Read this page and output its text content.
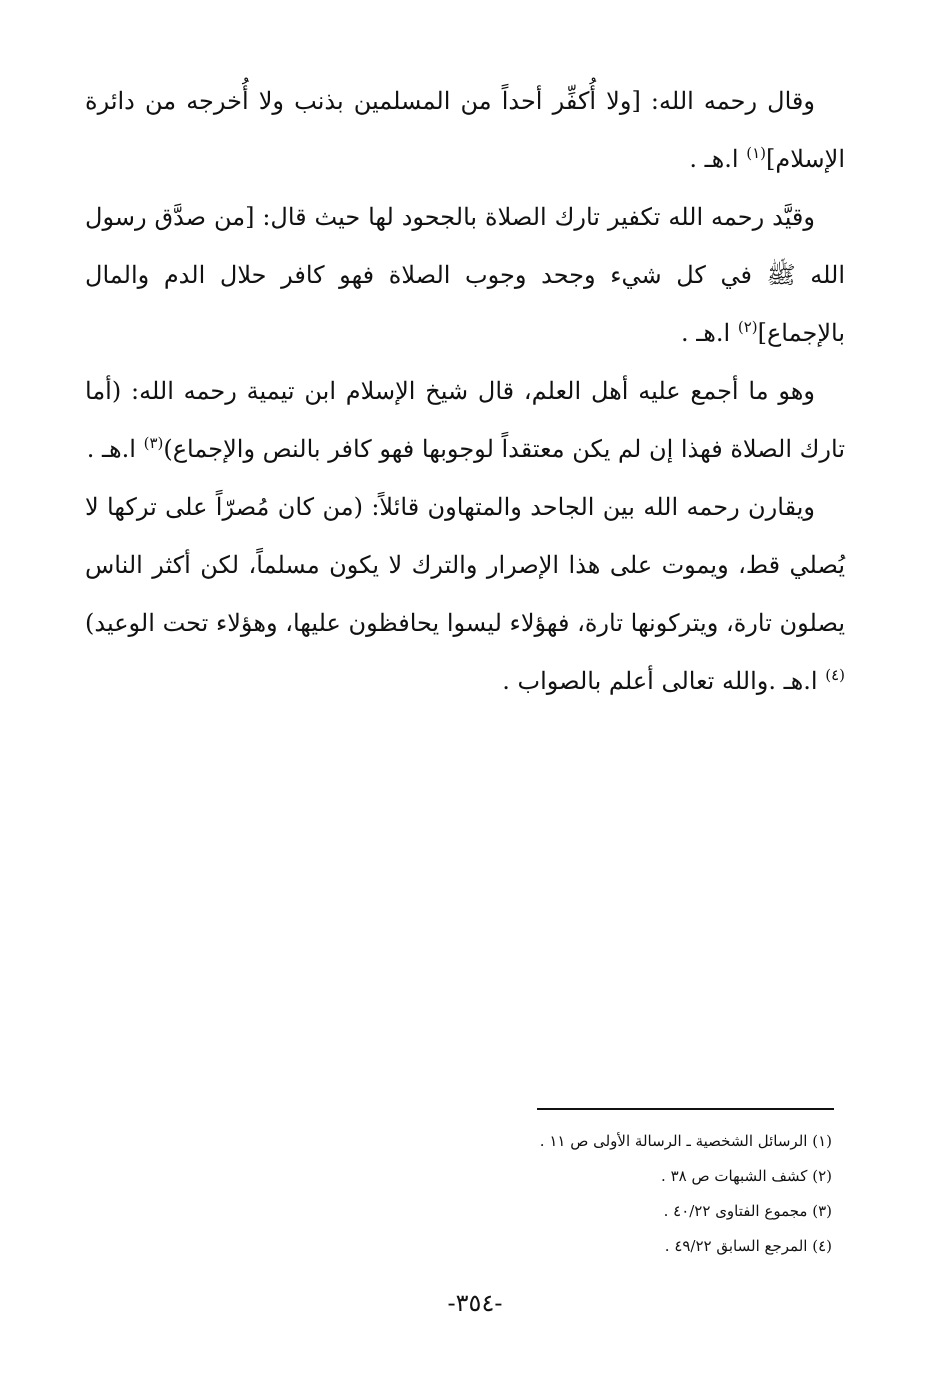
وقال رحمه الله: [ولا أُكفِّر أحداً من المسلمين بذنب ولا أُخرجه من دائرة الإسلام]$^{(١)}$ ا.هـ .

وقيَّد رحمه الله تكفير تارك الصلاة بالجحود لها حيث قال: [من صدَّق رسول الله ﷺ في كل شيء وجحد وجوب الصلاة فهو كافر حلال الدم والمال بالإجماع]$^{(٢)}$ ا.هـ .

وهو ما أجمع عليه أهل العلم، قال شيخ الإسلام ابن تيمية رحمه الله: (أما تارك الصلاة فهذا إن لم يكن معتقداً لوجوبها فهو كافر بالنص والإجماع)$^{(٣)}$ ا.هـ .

ويقارن رحمه الله بين الجاحد والمتهاون قائلاً: (من كان مُصرّاً على تركها لا يُصلي قط، ويموت على هذا الإصرار والترك لا يكون مسلماً، لكن أكثر الناس يصلون تارة، ويتركونها تارة، فهؤلاء ليسوا يحافظون عليها، وهؤلاء تحت الوعيد)$^{(٤)}$ ا.هـ .والله تعالى أعلم بالصواب .

(١) الرسائل الشخصية ـ الرسالة الأولى ص ١١ .
(٢) كشف الشبهات ص ٣٨ .
(٣) مجموع الفتاوى ٤٠/٢٢ .
(٤) المرجع السابق ٤٩/٢٢ .
-٣٥٤-
